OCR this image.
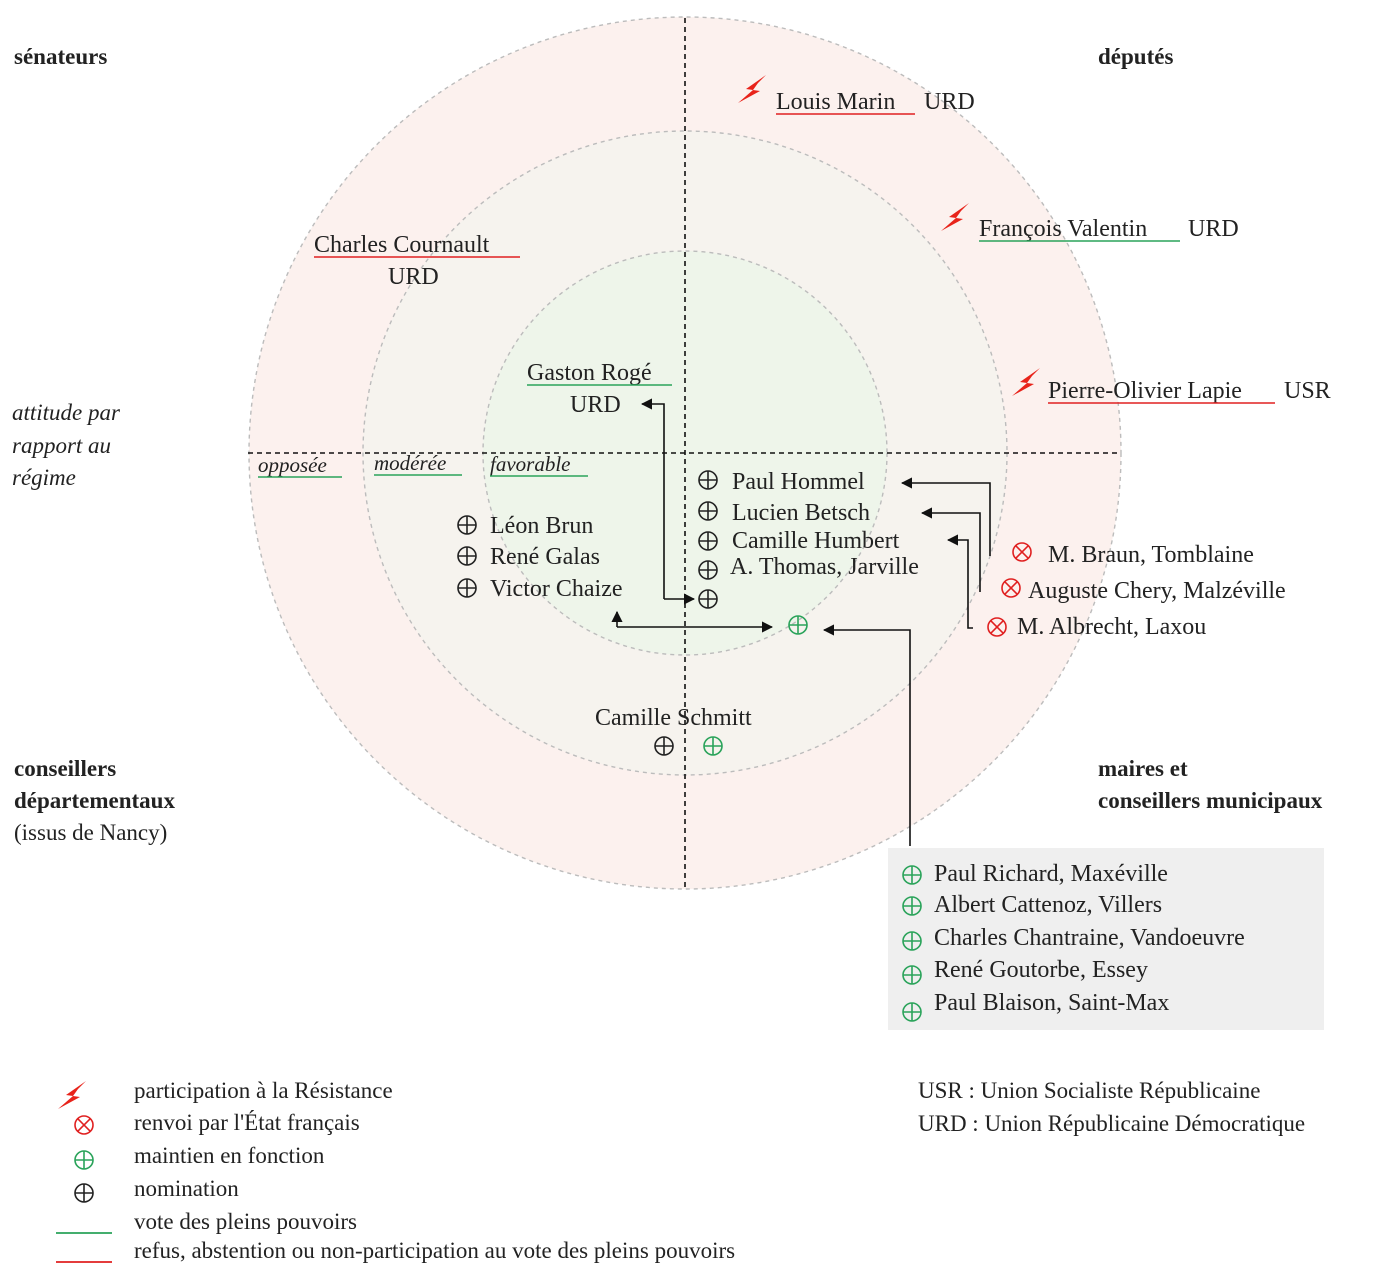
sénateurs	députés
conseillers
départementaux
(issus de Nancy)
maires et
conseillers municipaux
attitude par
rapport au
régime	opposée modérée favorable
Louis Marin URD
François Valentin URD
Pierre-Olivier Lapie USR
Charles Cournault
URD
Gaston Rogé
URD
Léon Brun
René Galas
Victor Chaize
Paul Hommel
Lucien Betsch
Camille Humbert
A. Thomas, Jarville
Camille Schmitt
M. Braun, Tomblaine
Auguste Chery, Malzéville
M. Albrecht, Laxou
Paul Richard, Maxéville
Albert Cattenoz, Villers
Charles Chantraine, Vandoeuvre
René Goutorbe, Essey
Paul Blaison, Saint-Max
participation à la Résistance
renvoi par l'État français
maintien en fonction
nomination
vote des pleins pouvoirs
refus, abstention ou non-participation au vote des pleins pouvoirs
USR : Union Socialiste Républicaine
URD : Union Républicaine Démocratique
